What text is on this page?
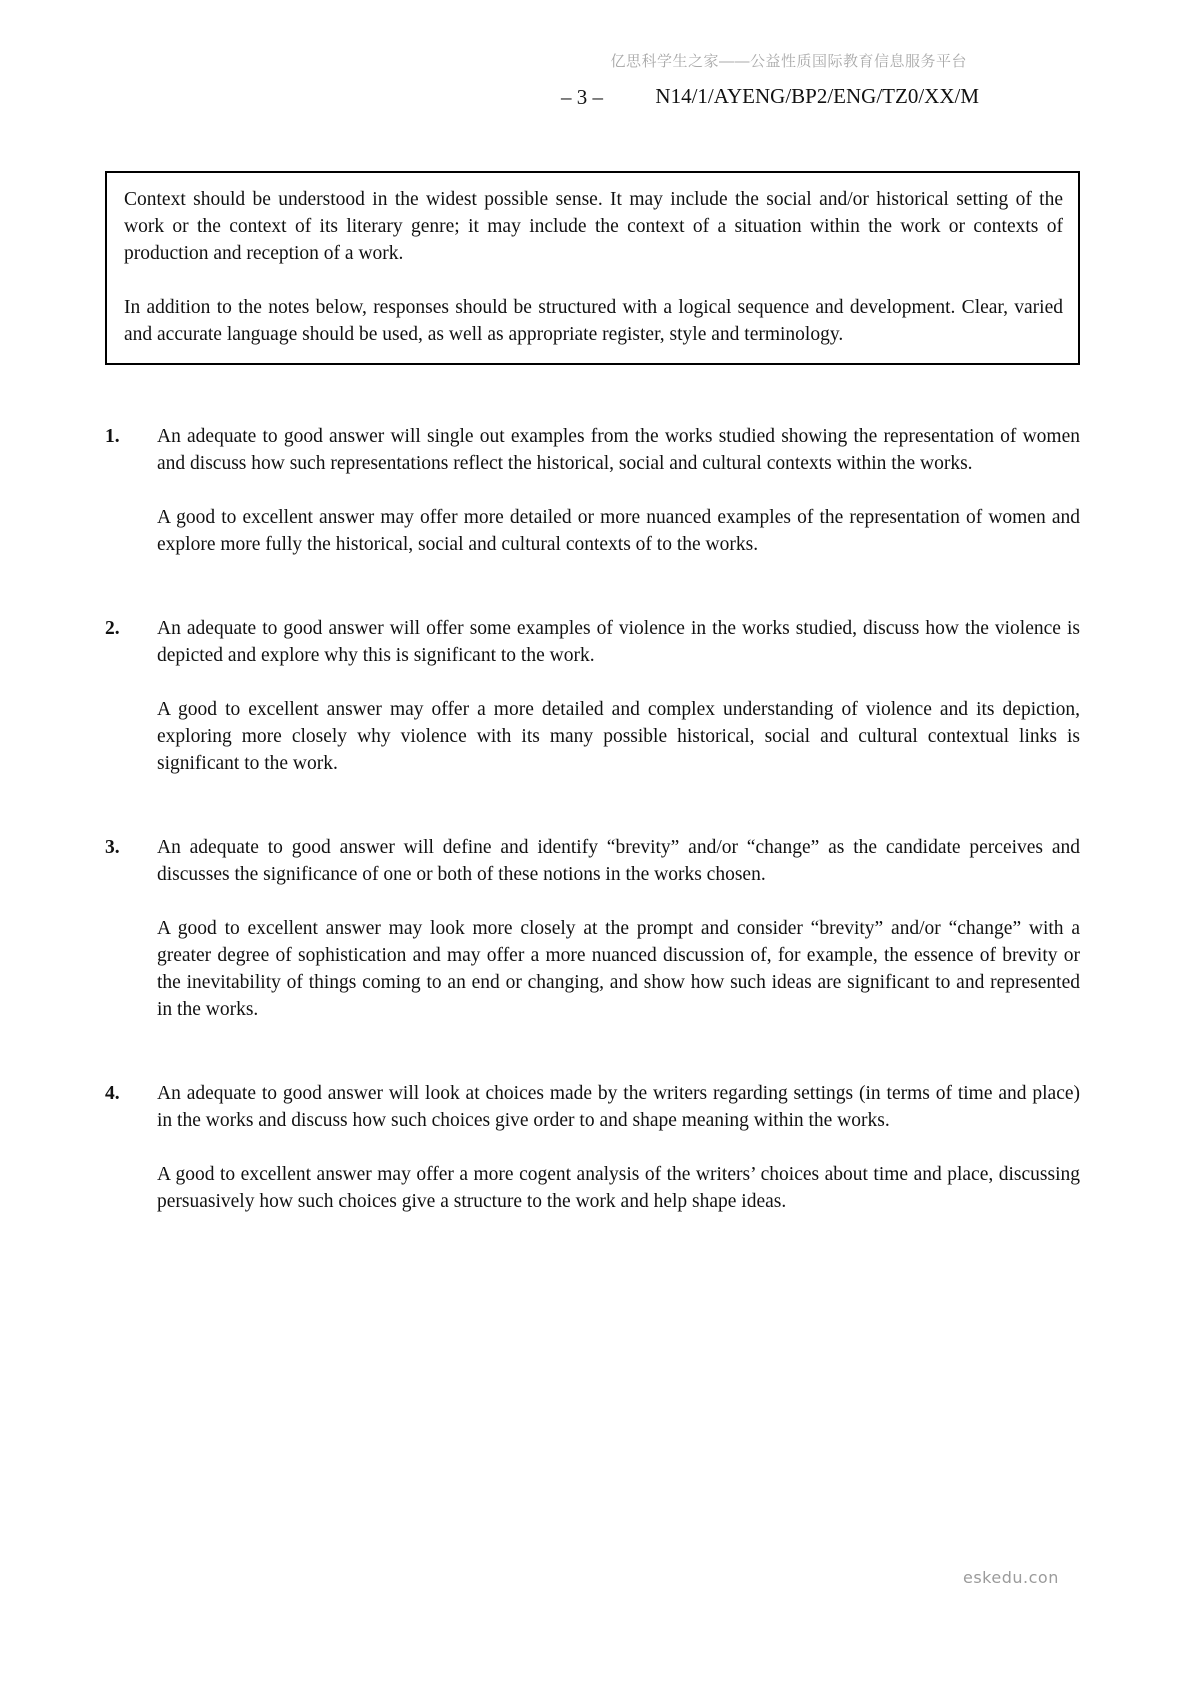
亿思科学生之家——公益性质国际教育信息服务平台
– 3 – N14/1/AYENG/BP2/ENG/TZ0/XX/M

Context should be understood in the widest possible sense. It may include the social and/or historical setting of the work or the context of its literary genre; it may include the context of a situation within the work or contexts of production and reception of a work.

In addition to the notes below, responses should be structured with a logical sequence and development. Clear, varied and accurate language should be used, as well as appropriate register, style and terminology.

1.	An adequate to good answer will single out examples from the works studied showing the representation of women and discuss how such representations reflect the historical, social and cultural contexts within the works.

A good to excellent answer may offer more detailed or more nuanced examples of the representation of women and explore more fully the historical, social and cultural contexts of to the works.

2.	An adequate to good answer will offer some examples of violence in the works studied, discuss how the violence is depicted and explore why this is significant to the work.

A good to excellent answer may offer a more detailed and complex understanding of violence and its depiction, exploring more closely why violence with its many possible historical, social and cultural contextual links is significant to the work.

3.	An adequate to good answer will define and identify “brevity” and/or “change” as the candidate perceives and discusses the significance of one or both of these notions in the works chosen.

A good to excellent answer may look more closely at the prompt and consider “brevity” and/or “change” with a greater degree of sophistication and may offer a more nuanced discussion of, for example, the essence of brevity or the inevitability of things coming to an end or changing, and show how such ideas are significant to and represented in the works.

4.	An adequate to good answer will look at choices made by the writers regarding settings (in terms of time and place) in the works and discuss how such choices give order to and shape meaning within the works.

A good to excellent answer may offer a more cogent analysis of the writers’ choices about time and place, discussing persuasively how such choices give a structure to the work and help shape ideas.

eskedu.con
